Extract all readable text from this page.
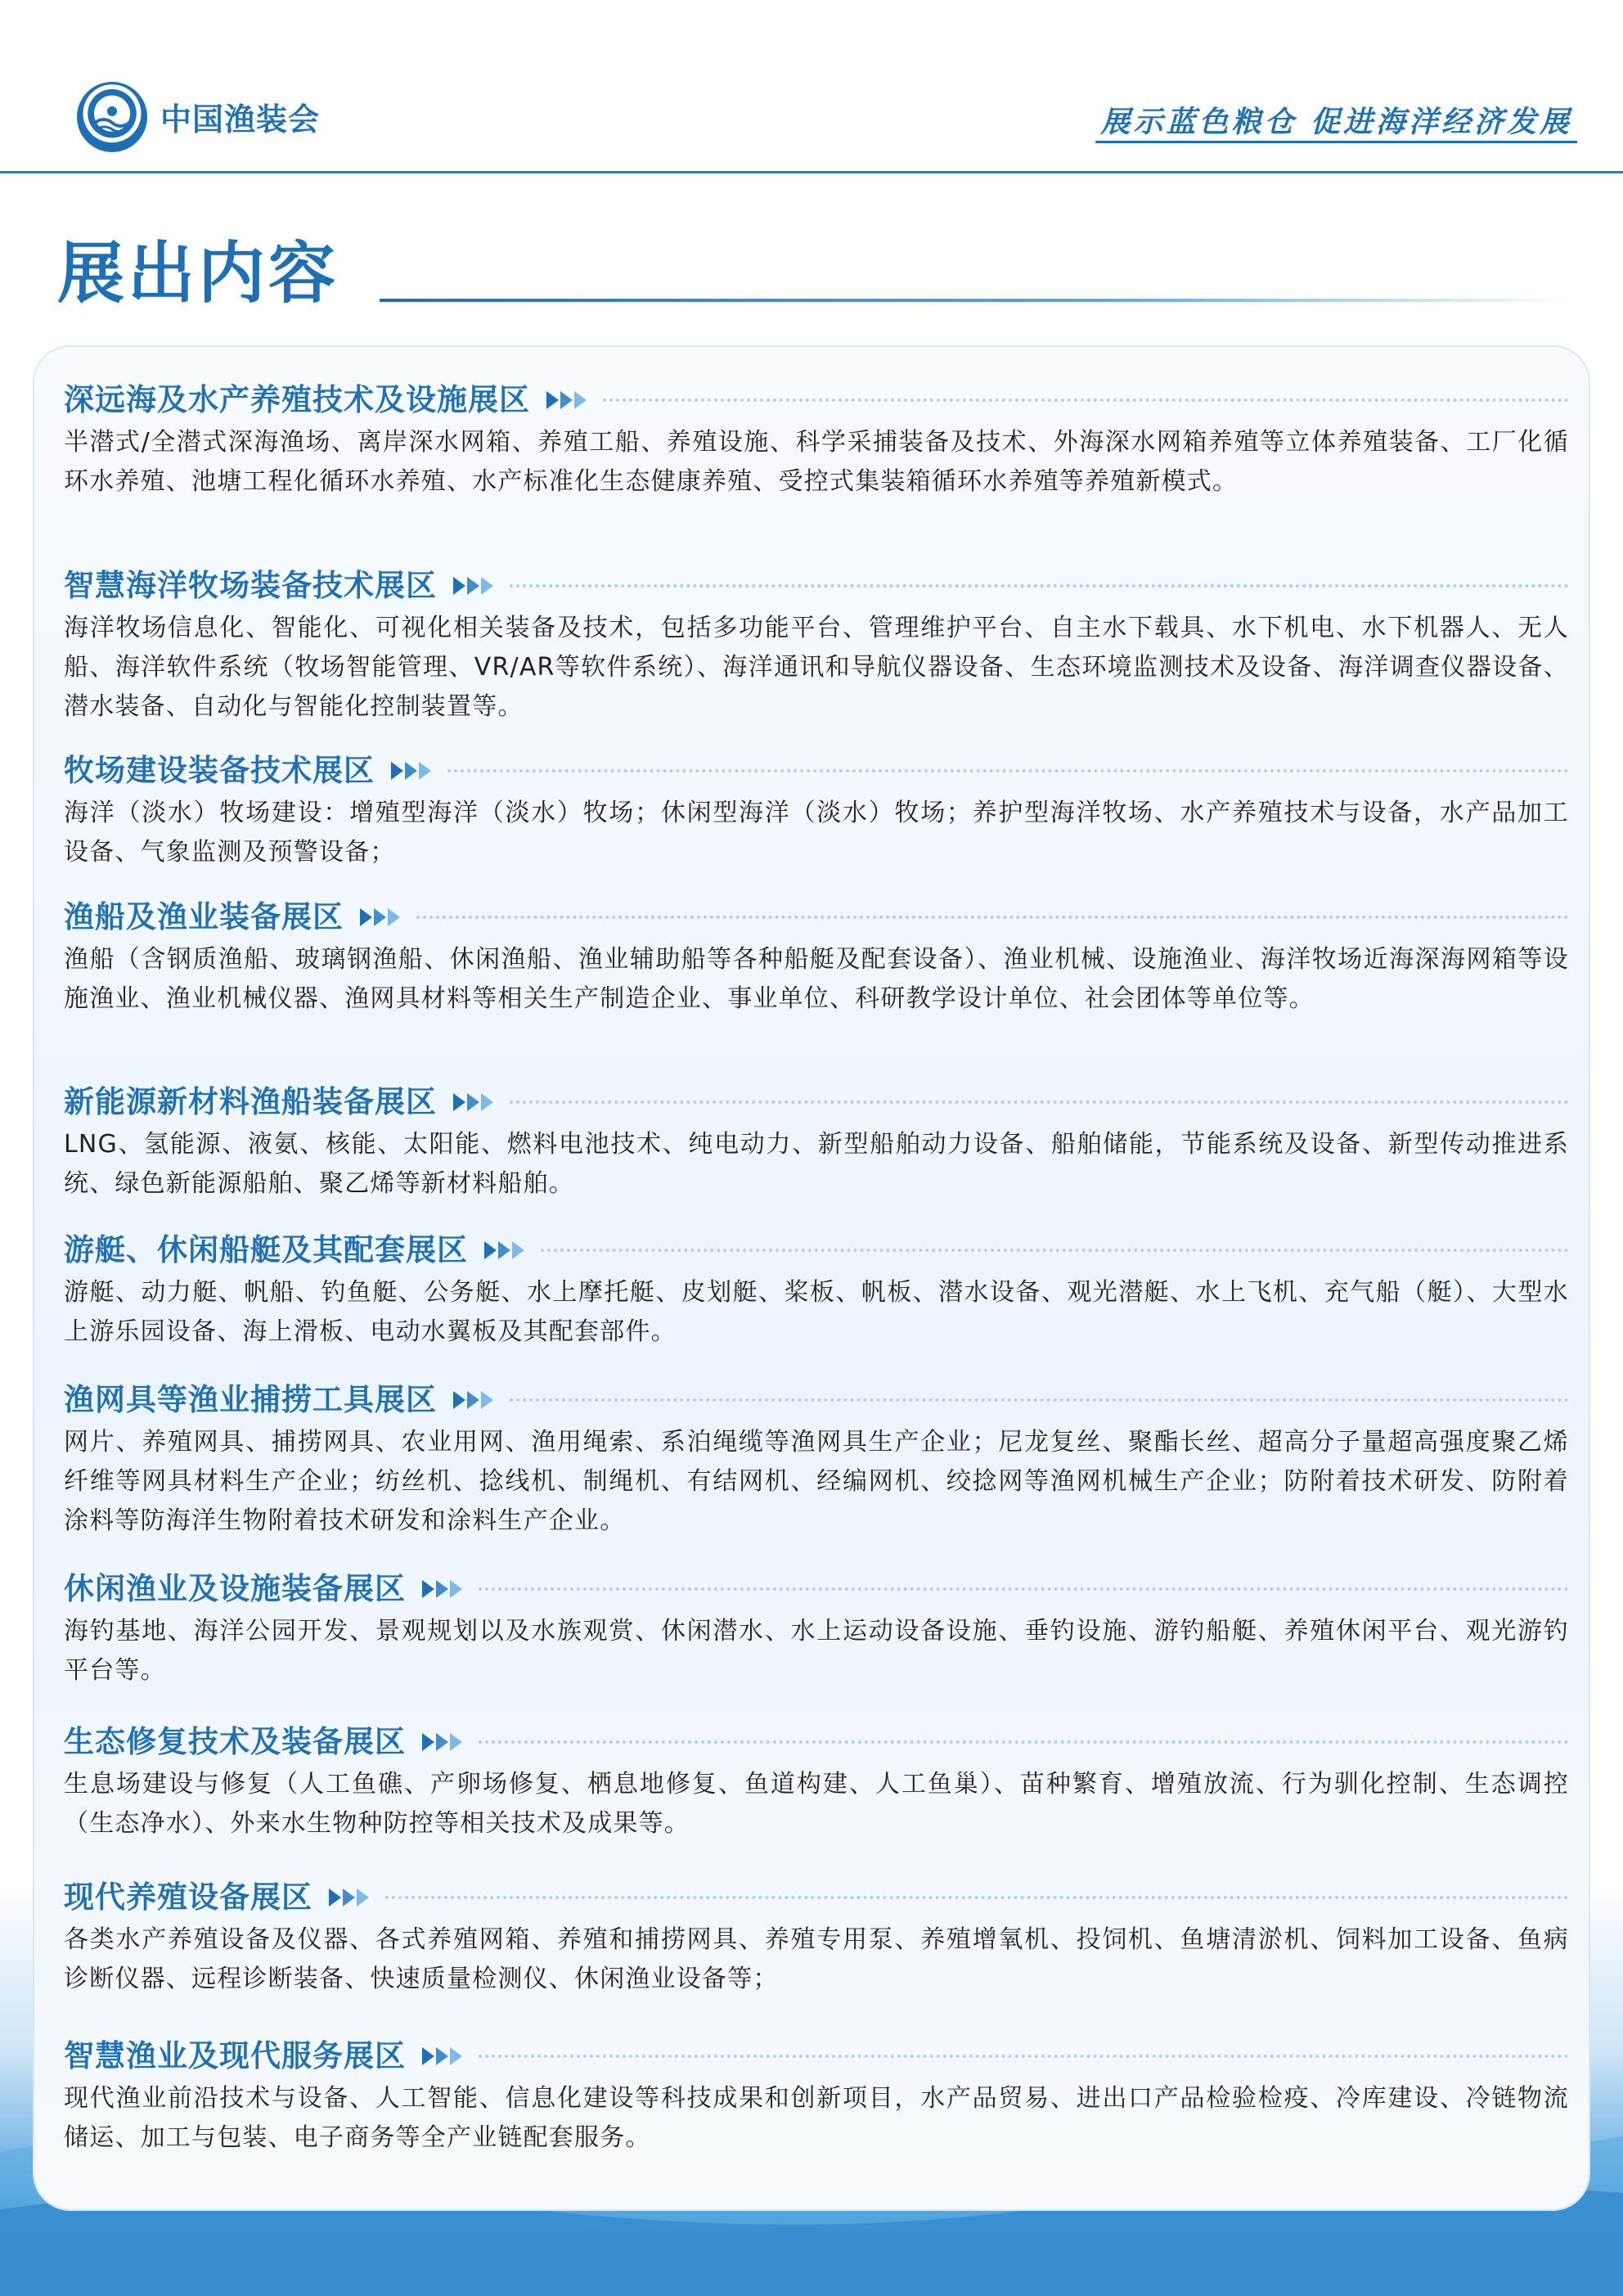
中国渔装会	展示蓝色粮仓 促进海洋经济发展
展出内容
深远海及水产养殖技术及设施展区
半潜式/全潜式深海渔场、离岸深水网箱、养殖工船、养殖设施、科学采捕装备及技术、外海深水网箱养殖等立体养殖装备、工厂化循环水养殖、池塘工程化循环水养殖、水产标准化生态健康养殖、受控式集装箱循环水养殖等养殖新模式。
智慧海洋牧场装备技术展区
海洋牧场信息化、智能化、可视化相关装备及技术，包括多功能平台、管理维护平台、自主水下载具、水下机电、水下机器人、无人船、海洋软件系统（牧场智能管理、VR/AR等软件系统）、海洋通讯和导航仪器设备、生态环境监测技术及设备、海洋调查仪器设备、潜水装备、自动化与智能化控制装置等。
牧场建设装备技术展区
海洋（淡水）牧场建设：增殖型海洋（淡水）牧场；休闲型海洋（淡水）牧场；养护型海洋牧场、水产养殖技术与设备，水产品加工设备、气象监测及预警设备；
渔船及渔业装备展区
渔船（含钢质渔船、玻璃钢渔船、休闲渔船、渔业辅助船等各种船艇及配套设备）、渔业机械、设施渔业、海洋牧场近海深海网箱等设施渔业、渔业机械仪器、渔网具材料等相关生产制造企业、事业单位、科研教学设计单位、社会团体等单位等。
新能源新材料渔船装备展区
LNG、氢能源、液氨、核能、太阳能、燃料电池技术、纯电动力、新型船舶动力设备、船舶储能，节能系统及设备、新型传动推进系统、绿色新能源船舶、聚乙烯等新材料船舶。
游艇、休闲船艇及其配套展区
游艇、动力艇、帆船、钓鱼艇、公务艇、水上摩托艇、皮划艇、桨板、帆板、潜水设备、观光潜艇、水上飞机、充气船（艇）、大型水上游乐园设备、海上滑板、电动水翼板及其配套部件。
渔网具等渔业捕捞工具展区
网片、养殖网具、捕捞网具、农业用网、渔用绳索、系泊绳缆等渔网具生产企业；尼龙复丝、聚酯长丝、超高分子量超高强度聚乙烯纤维等网具材料生产企业；纺丝机、捻线机、制绳机、有结网机、经编网机、绞捻网等渔网机械生产企业；防附着技术研发、防附着涂料等防海洋生物附着技术研发和涂料生产企业。
休闲渔业及设施装备展区
海钓基地、海洋公园开发、景观规划以及水族观赏、休闲潜水、水上运动设备设施、垂钓设施、游钓船艇、养殖休闲平台、观光游钓平台等。
生态修复技术及装备展区
生息场建设与修复（人工鱼礁、产卵场修复、栖息地修复、鱼道构建、人工鱼巢）、苗种繁育、增殖放流、行为驯化控制、生态调控（生态净水）、外来水生物种防控等相关技术及成果等。
现代养殖设备展区
各类水产养殖设备及仪器、各式养殖网箱、养殖和捕捞网具、养殖专用泵、养殖增氧机、投饲机、鱼塘清淤机、饲料加工设备、鱼病诊断仪器、远程诊断装备、快速质量检测仪、休闲渔业设备等；
智慧渔业及现代服务展区
现代渔业前沿技术与设备、人工智能、信息化建设等科技成果和创新项目，水产品贸易、进出口产品检验检疫、冷库建设、冷链物流储运、加工与包装、电子商务等全产业链配套服务。
